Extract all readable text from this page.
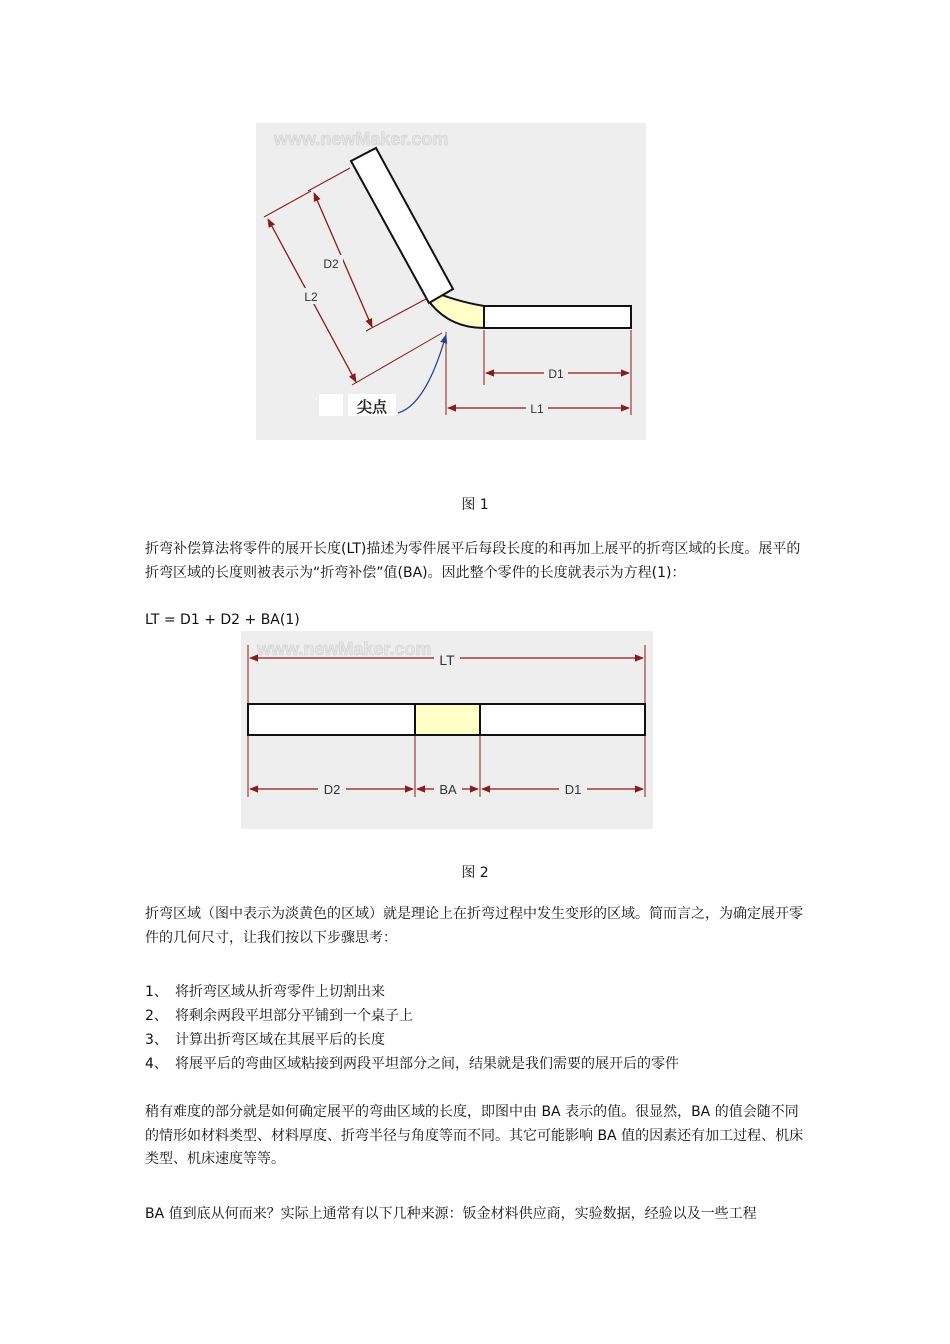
www.newMaker.com
D2
L2
D1
L1
尖点
图 1

折弯补偿算法将零件的展开长度(LT)描述为零件展平后每段长度的和再加上展平的折弯区域的长度。展平的折弯区域的长度则被表示为“折弯补偿”值(BA)。因此整个零件的长度就表示为方程(1)：

LT = D1 + D2 + BA(1)
www.newMaker.com
LT
D2	BA	D1
图 2

折弯区域（图中表示为淡黄色的区域）就是理论上在折弯过程中发生变形的区域。简而言之，为确定展开零件的几何尺寸，让我们按以下步骤思考：

1、 将折弯区域从折弯零件上切割出来
2、 将剩余两段平坦部分平铺到一个桌子上
3、 计算出折弯区域在其展平后的长度
4、 将展平后的弯曲区域粘接到两段平坦部分之间，结果就是我们需要的展开后的零件

稍有难度的部分就是如何确定展平的弯曲区域的长度，即图中由 BA 表示的值。很显然，BA 的值会随不同的情形如材料类型、材料厚度、折弯半径与角度等而不同。其它可能影响 BA 值的因素还有加工过程、机床类型、机床速度等等。

BA 值到底从何而来？实际上通常有以下几种来源：钣金材料供应商，实验数据，经验以及一些工程
